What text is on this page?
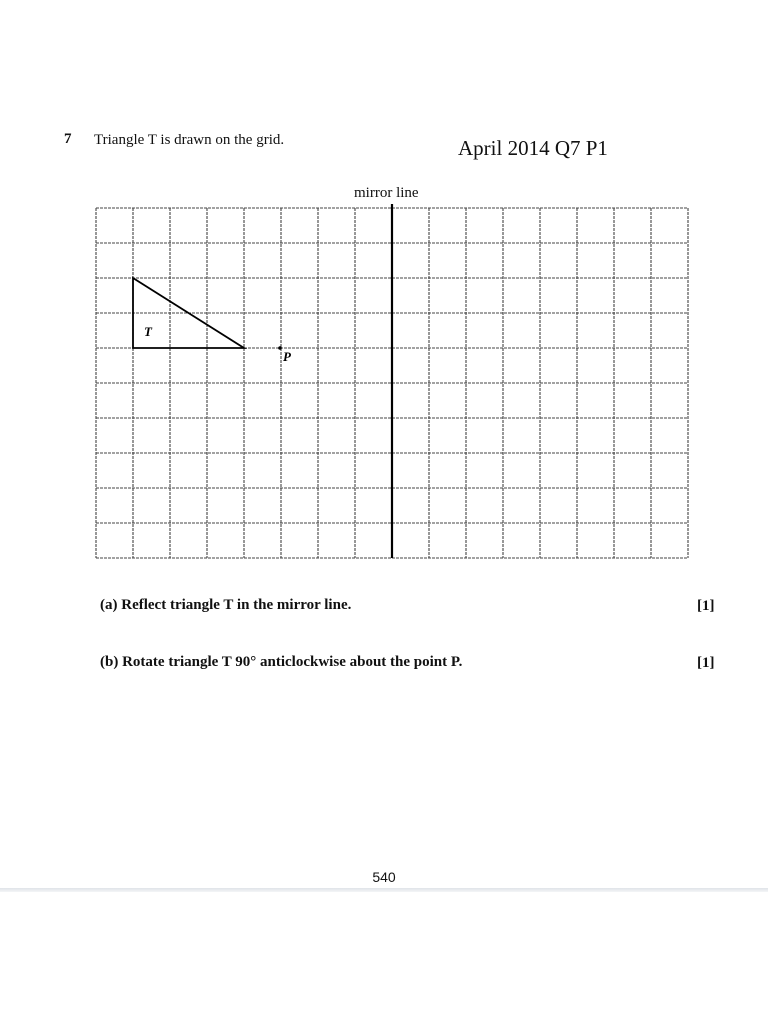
7 Triangle T is drawn on the grid.	April 2014 Q7 P1
mirror line
T
P
(a) Reflect triangle T in the mirror line.	[1]
(b) Rotate triangle T 90° anticlockwise about the point P.	[1]
540
